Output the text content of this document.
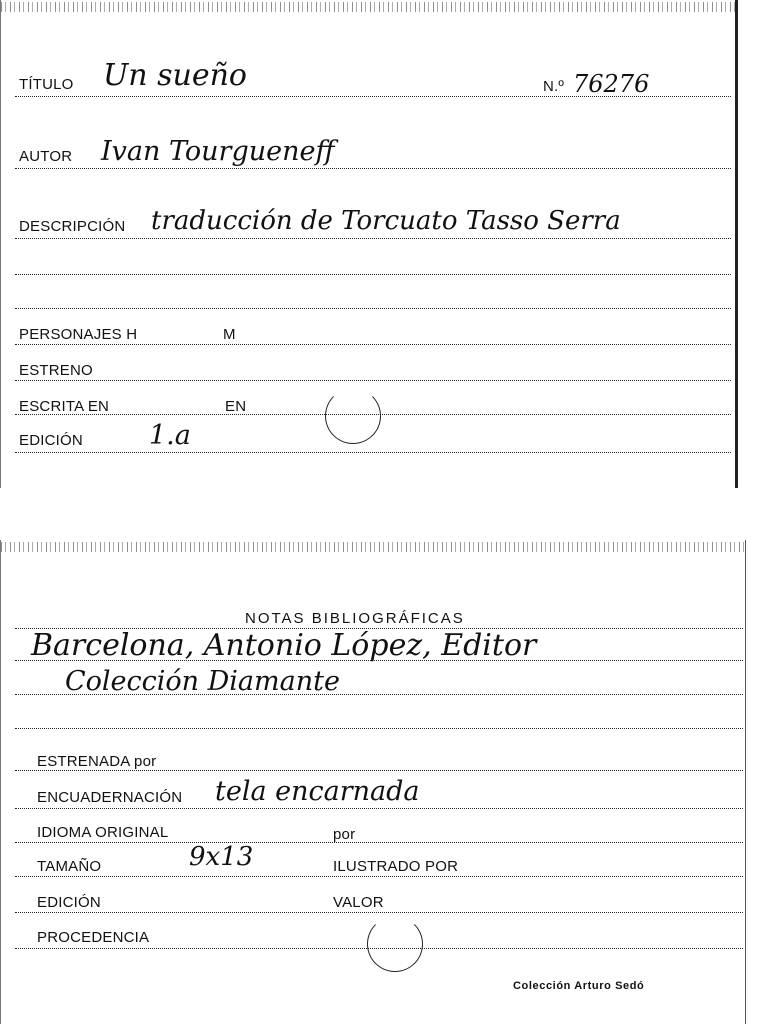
TÍTULO Un sueño	N.º 76276
AUTOR Ivan Tourgueneff
DESCRIPCIÓN traducción de Torcuato Tasso Serra
PERSONAJES H	M
ESTRENO
ESCRITA EN	EN
EDICIÓN 1.a
NOTAS BIBLIOGRÁFICAS
Barcelona, Antonio López, Editor
Colección Diamante
ESTRENADA por
ENCUADERNACIÓN tela encarnada
IDIOMA ORIGINAL	por
TAMAÑO	9x13	ILUSTRADO POR
EDICIÓN	VALOR
PROCEDENCIA
Colección Arturo Sedó
